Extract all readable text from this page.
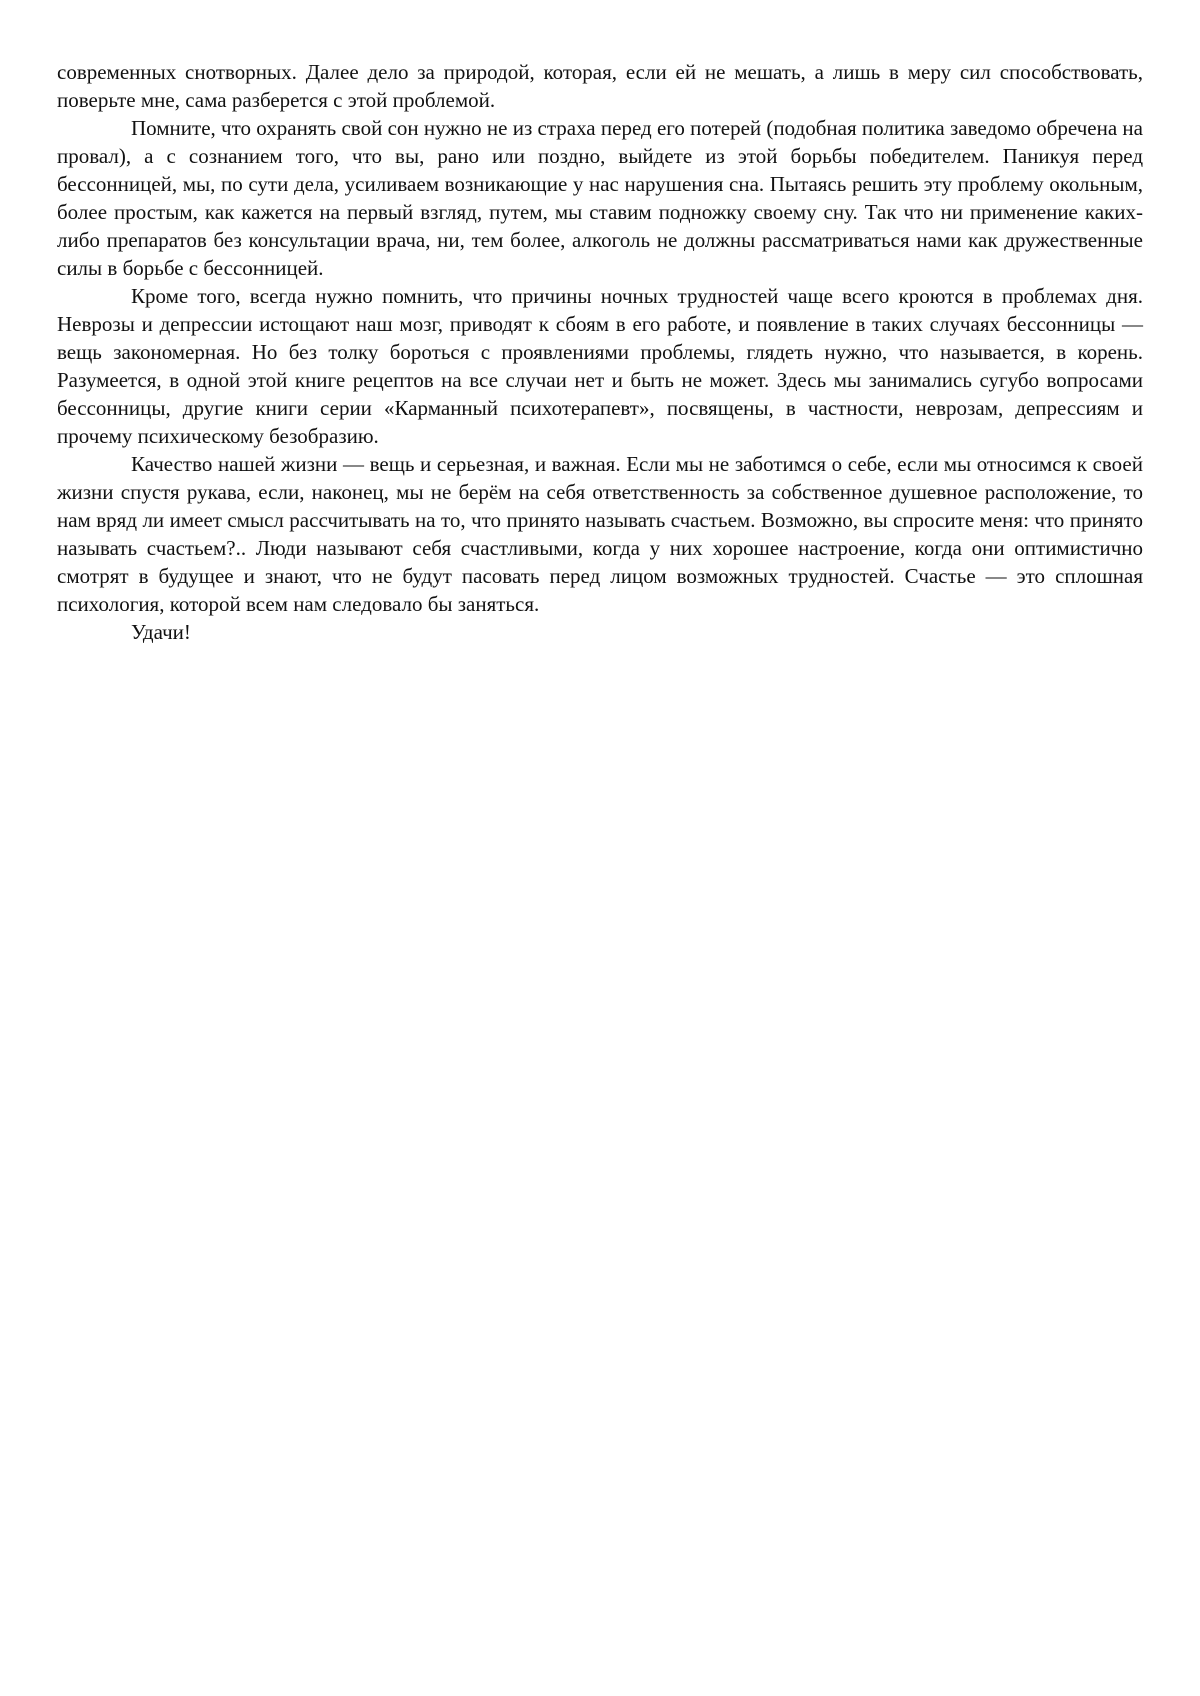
современных снотворных. Далее дело за природой, которая, если ей не мешать, а лишь в меру сил способствовать, поверьте мне, сама разберется с этой проблемой.

Помните, что охранять свой сон нужно не из страха перед его потерей (подобная политика заведомо обречена на провал), а с сознанием того, что вы, рано или поздно, выйдете из этой борьбы победителем. Паникуя перед бессонницей, мы, по сути дела, усиливаем возникающие у нас нарушения сна. Пытаясь решить эту проблему окольным, более простым, как кажется на первый взгляд, путем, мы ставим подножку своему сну. Так что ни применение каких-либо препаратов без консультации врача, ни, тем более, алкоголь не должны рассматриваться нами как дружественные силы в борьбе с бессонницей.

Кроме того, всегда нужно помнить, что причины ночных трудностей чаще всего кроются в проблемах дня. Неврозы и депрессии истощают наш мозг, приводят к сбоям в его работе, и появление в таких случаях бессонницы — вещь закономерная. Но без толку бороться с проявлениями проблемы, глядеть нужно, что называется, в корень. Разумеется, в одной этой книге рецептов на все случаи нет и быть не может. Здесь мы занимались сугубо вопросами бессонницы, другие книги серии «Карманный психотерапевт», посвящены, в частности, неврозам, депрессиям и прочему психическому безобразию.

Качество нашей жизни — вещь и серьезная, и важная. Если мы не заботимся о себе, если мы относимся к своей жизни спустя рукава, если, наконец, мы не берём на себя ответственность за собственное душевное расположение, то нам вряд ли имеет смысл рассчитывать на то, что принято называть счастьем. Возможно, вы спросите меня: что принято называть счастьем?.. Люди называют себя счастливыми, когда у них хорошее настроение, когда они оптимистично смотрят в будущее и знают, что не будут пасовать перед лицом возможных трудностей. Счастье — это сплошная психология, которой всем нам следовало бы заняться.

Удачи!
